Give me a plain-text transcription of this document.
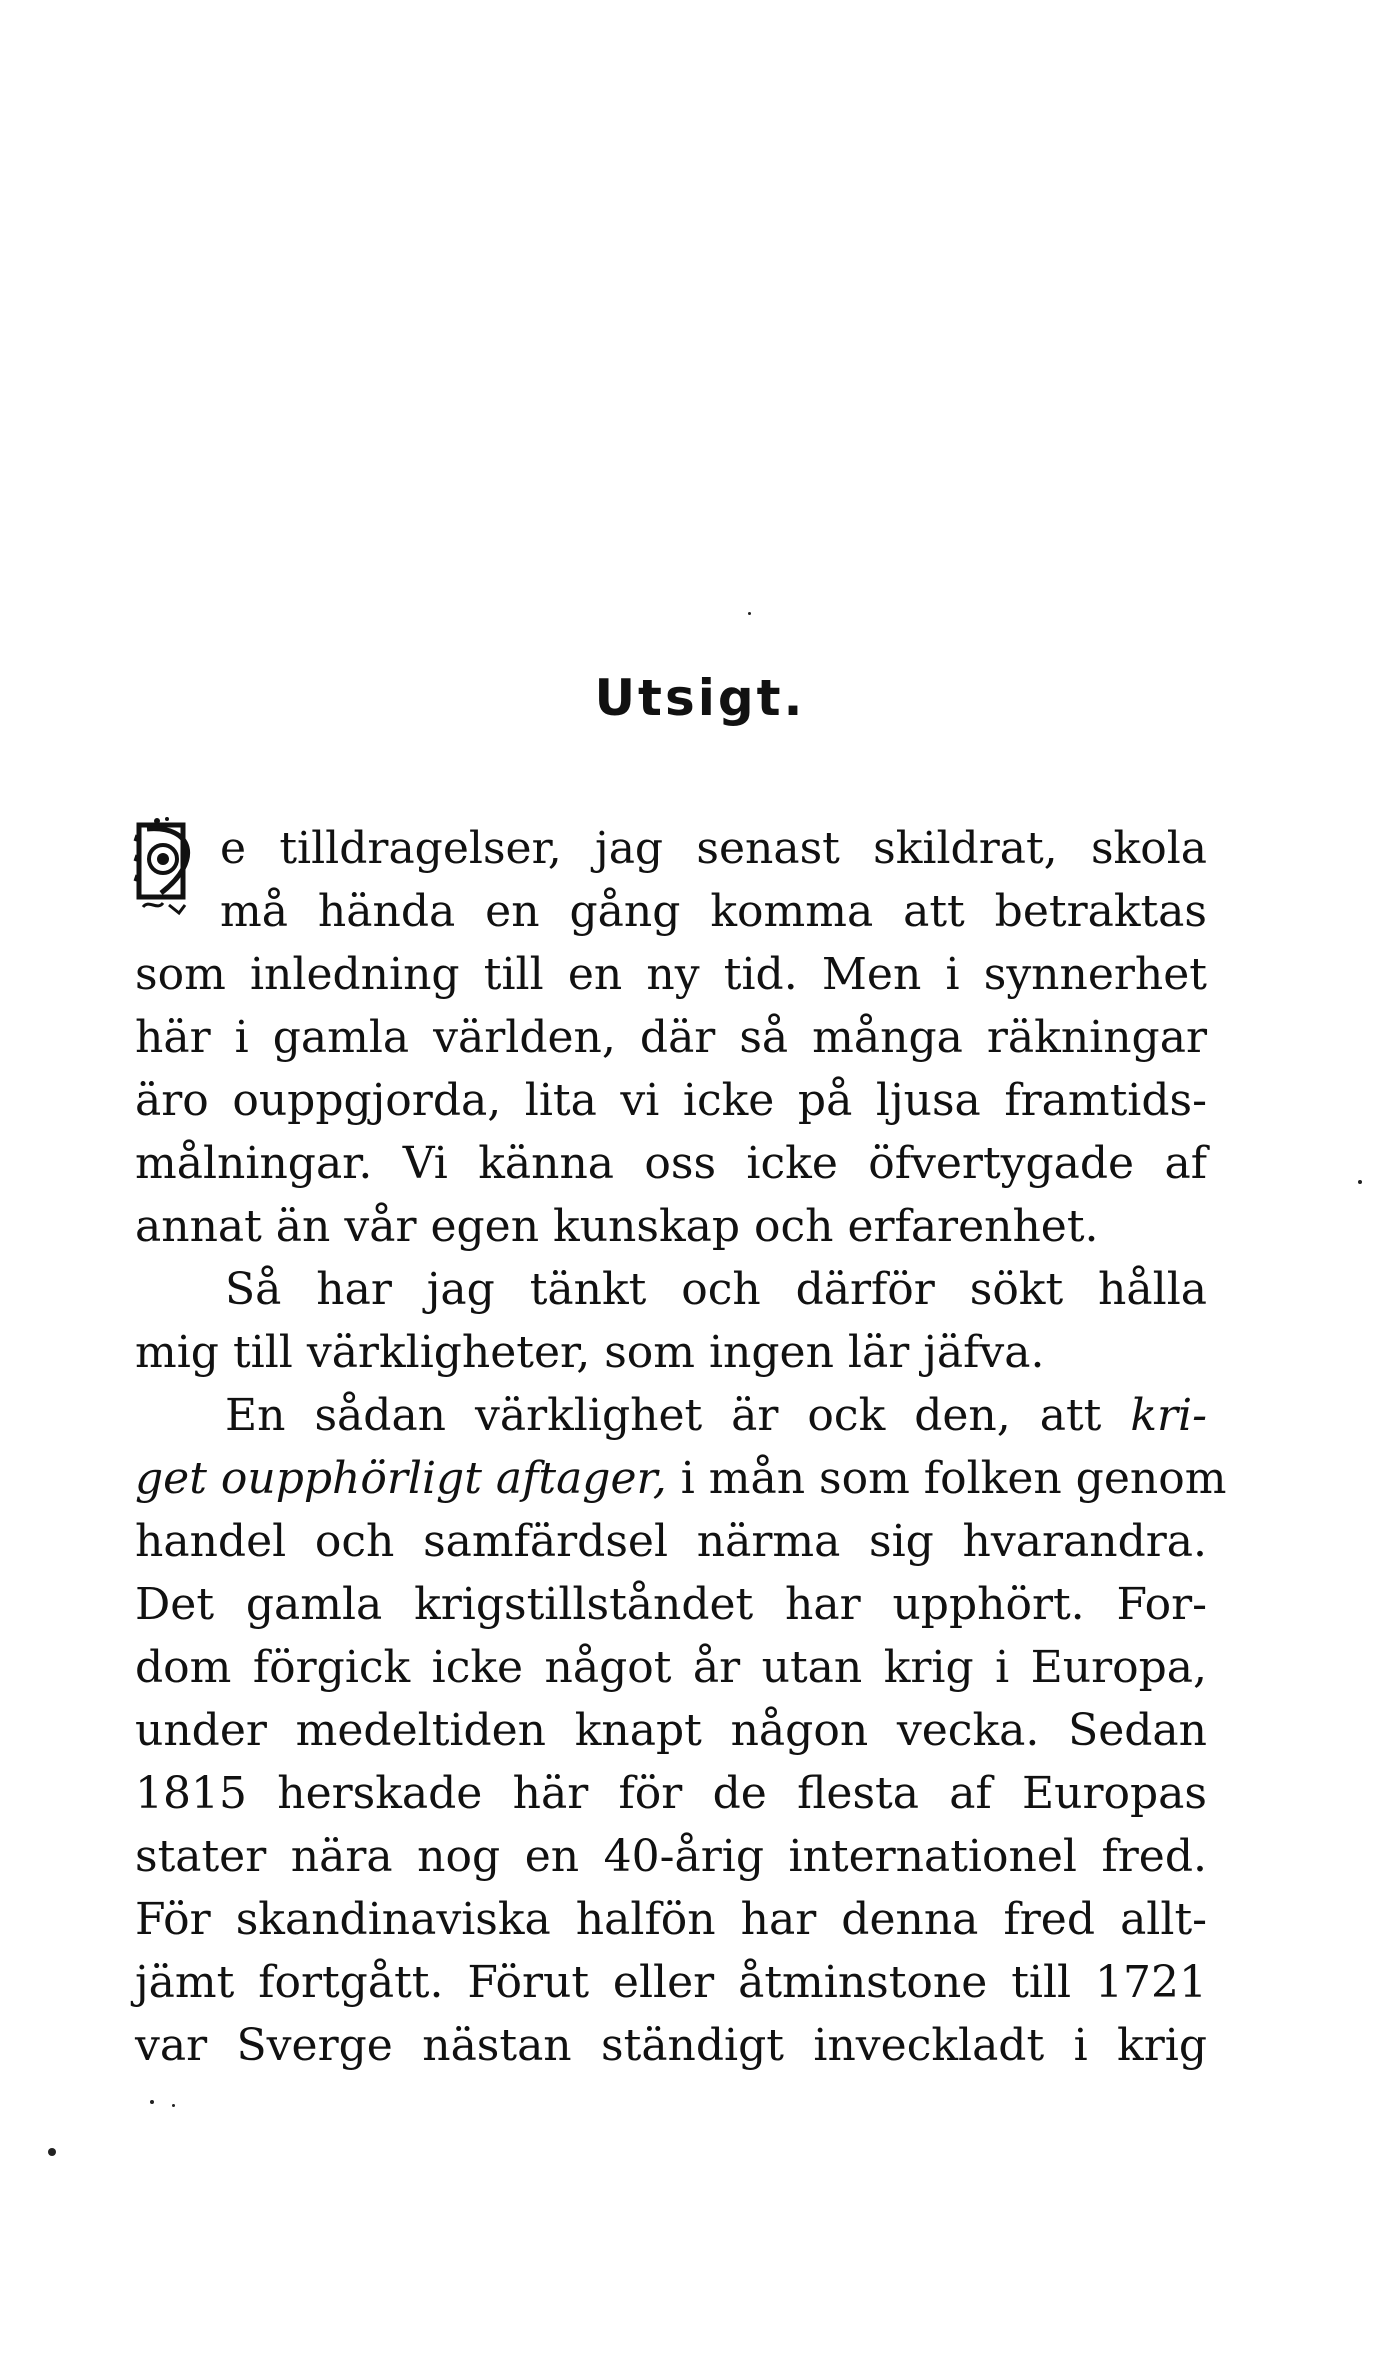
Utsigt.
e tilldragelser, jag senast skildrat, skola
må hända en gång komma att betraktas
som inledning till en ny tid. Men i synnerhet
här i gamla världen, där så många räkningar
äro ouppgjorda, lita vi icke på ljusa framtids-
målningar. Vi känna oss icke öfvertygade af
annat än vår egen kunskap och erfarenhet.
Så har jag tänkt och därför sökt hålla
mig till värkligheter, som ingen lär jäfva.
En sådan värklighet är ock den, att kri-
get oupphörligt aftager, i mån som folken genom
handel och samfärdsel närma sig hvarandra.
Det gamla krigstillståndet har upphört. For-
dom förgick icke något år utan krig i Europa,
under medeltiden knapt någon vecka. Sedan
1815 herskade här för de flesta af Europas
stater nära nog en 40-årig internationel fred.
För skandinaviska halfön har denna fred allt-
jämt fortgått. Förut eller åtminstone till 1721
var Sverge nästan ständigt inveckladt i krig
